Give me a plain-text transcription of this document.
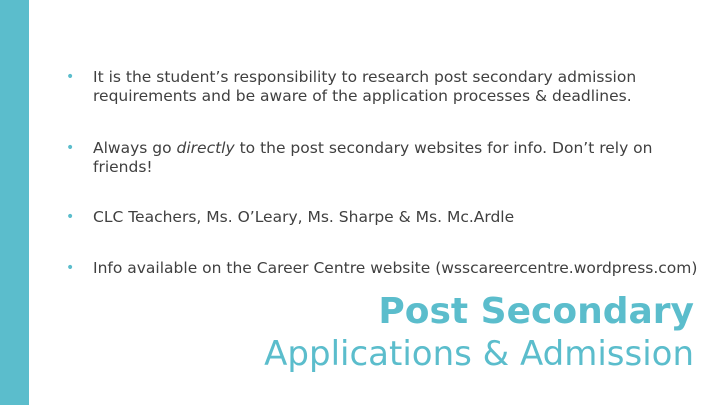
• It is the student’s responsibility to research post secondary admission requirements and be aware of the application processes & deadlines.
• Always go directly to the post secondary websites for info. Don’t rely on friends!
• CLC Teachers, Ms. O’Leary, Ms. Sharpe & Ms. Mc.Ardle
• Info available on the Career Centre website (wsscareercentre.wordpress.com)
Post Secondary
Applications & Admission
